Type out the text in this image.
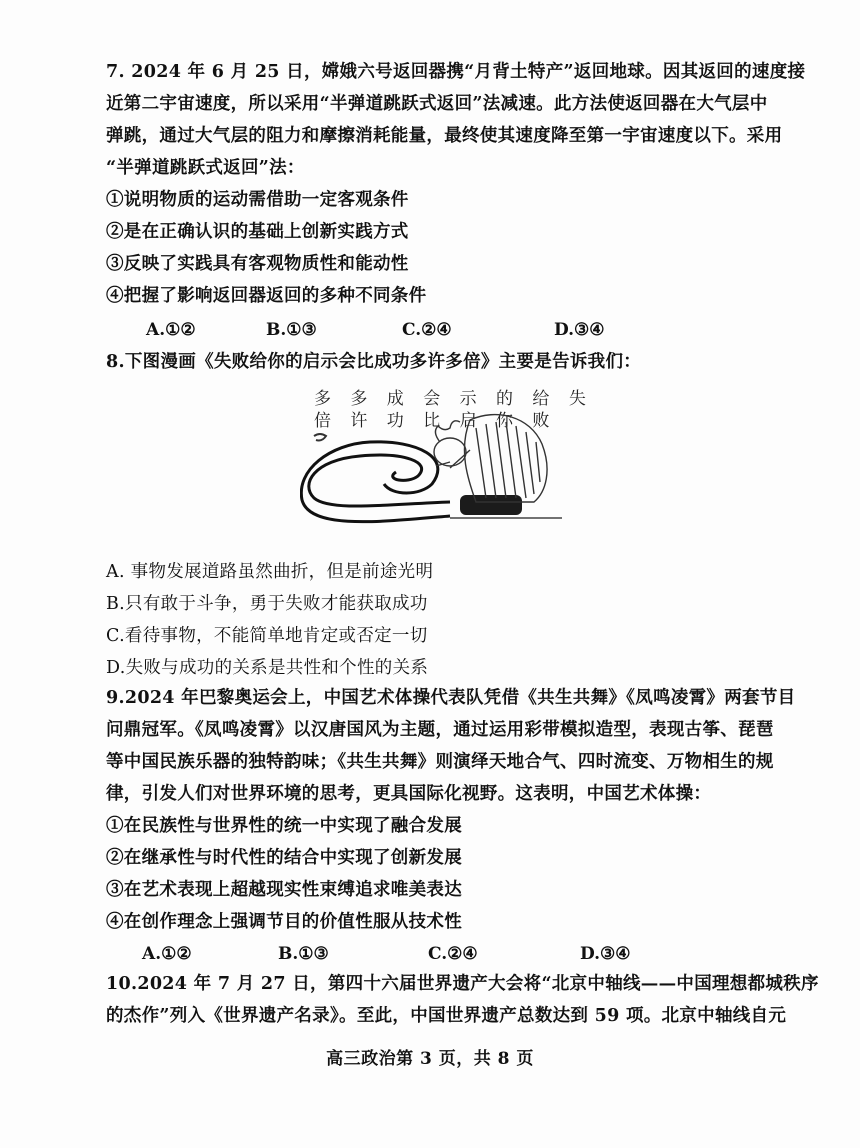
7. 2024 年 6 月 25 日，嫦娥六号返回器携“月背土特产”返回地球。因其返回的速度接
近第二宇宙速度，所以采用“半弹道跳跃式返回”法减速。此方法使返回器在大气层中
弹跳，通过大气层的阻力和摩擦消耗能量，最终使其速度降至第一宇宙速度以下。采用
“半弹道跳跃式返回”法：
①说明物质的运动需借助一定客观条件
②是在正确认识的基础上创新实践方式
③反映了实践具有客观物质性和能动性
④把握了影响返回器返回的多种不同条件
A.①②	B.①③	C.②④	D.③④
8.下图漫画《失败给你的启示会比成功多许多倍》主要是告诉我们：
多 多 成 会 示 的 给 失
倍 许 功 比 启 你 败
A. 事物发展道路虽然曲折，但是前途光明
B.只有敢于斗争，勇于失败才能获取成功
C.看待事物，不能简单地肯定或否定一切
D.失败与成功的关系是共性和个性的关系
9.2024 年巴黎奥运会上，中国艺术体操代表队凭借《共生共舞》《凤鸣凌霄》两套节目
问鼎冠军。《凤鸣凌霄》以汉唐国风为主题，通过运用彩带模拟造型，表现古筝、琵琶
等中国民族乐器的独特韵味；《共生共舞》则演绎天地合气、四时流变、万物相生的规
律，引发人们对世界环境的思考，更具国际化视野。这表明，中国艺术体操：
①在民族性与世界性的统一中实现了融合发展
②在继承性与时代性的结合中实现了创新发展
③在艺术表现上超越现实性束缚追求唯美表达
④在创作理念上强调节目的价值性服从技术性
A.①②	B.①③	C.②④	D.③④
10.2024 年 7 月 27 日，第四十六届世界遗产大会将“北京中轴线——中国理想都城秩序
的杰作”列入《世界遗产名录》。至此，中国世界遗产总数达到 59 项。北京中轴线自元
高三政治第 3 页，共 8 页
